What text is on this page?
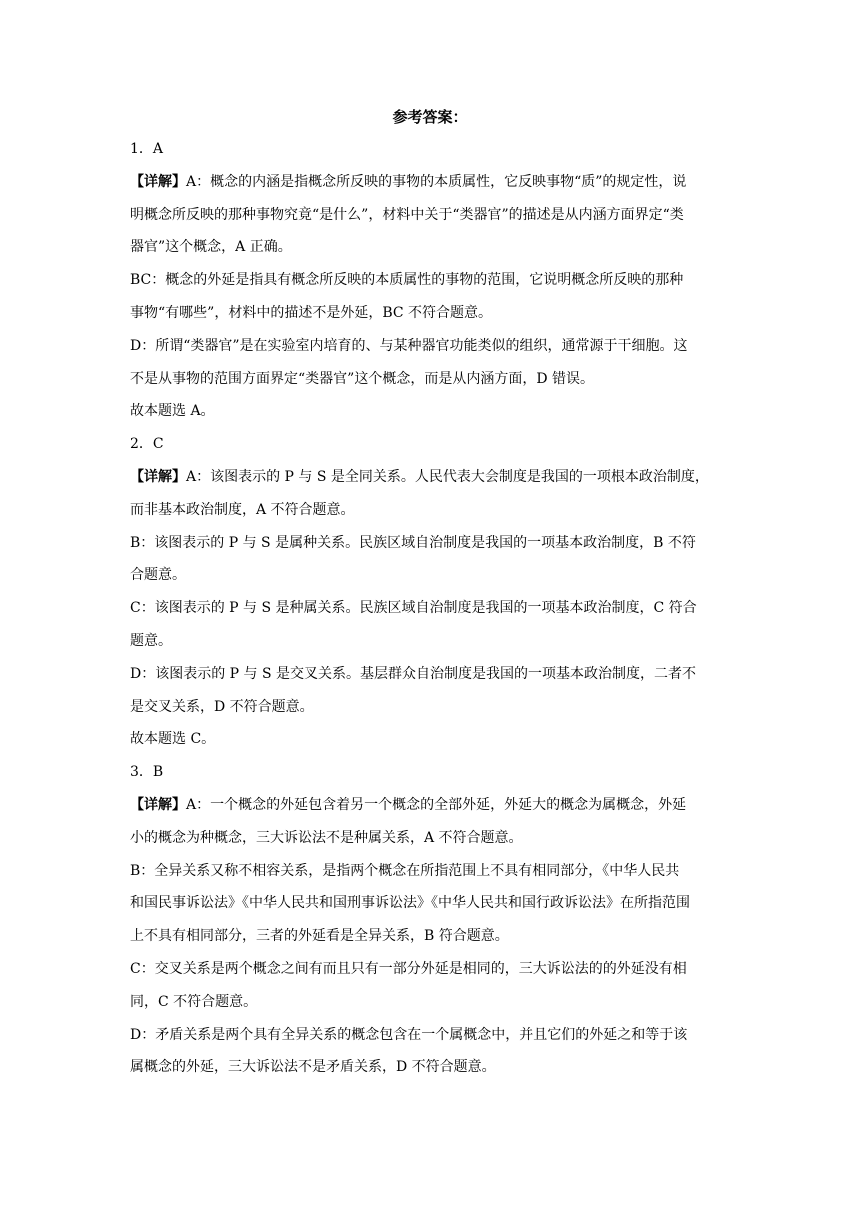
参考答案：
1．A
【详解】A：概念的内涵是指概念所反映的事物的本质属性，它反映事物“质”的规定性，说
明概念所反映的那种事物究竟“是什么”，材料中关于“类器官”的描述是从内涵方面界定“类
器官”这个概念，A 正确。
BC：概念的外延是指具有概念所反映的本质属性的事物的范围，它说明概念所反映的那种
事物“有哪些”，材料中的描述不是外延，BC 不符合题意。
D：所谓“类器官”是在实验室内培育的、与某种器官功能类似的组织，通常源于干细胞。这
不是从事物的范围方面界定“类器官”这个概念，而是从内涵方面，D 错误。
故本题选 A。
2．C
【详解】A：该图表示的 P 与 S 是全同关系。人民代表大会制度是我国的一项根本政治制度，
而非基本政治制度，A 不符合题意。
B：该图表示的 P 与 S 是属种关系。民族区域自治制度是我国的一项基本政治制度，B 不符
合题意。
C：该图表示的 P 与 S 是种属关系。民族区域自治制度是我国的一项基本政治制度，C 符合
题意。
D：该图表示的 P 与 S 是交叉关系。基层群众自治制度是我国的一项基本政治制度，二者不
是交叉关系，D 不符合题意。
故本题选 C。
3．B
【详解】A：一个概念的外延包含着另一个概念的全部外延，外延大的概念为属概念，外延
小的概念为种概念，三大诉讼法不是种属关系，A 不符合题意。
B：全异关系又称不相容关系，是指两个概念在所指范围上不具有相同部分，《中华人民共
和国民事诉讼法》《中华人民共和国刑事诉讼法》《中华人民共和国行政诉讼法》在所指范围
上不具有相同部分，三者的外延看是全异关系，B 符合题意。
C：交叉关系是两个概念之间有而且只有一部分外延是相同的，三大诉讼法的的外延没有相
同，C 不符合题意。
D：矛盾关系是两个具有全异关系的概念包含在一个属概念中，并且它们的外延之和等于该
属概念的外延，三大诉讼法不是矛盾关系，D 不符合题意。
